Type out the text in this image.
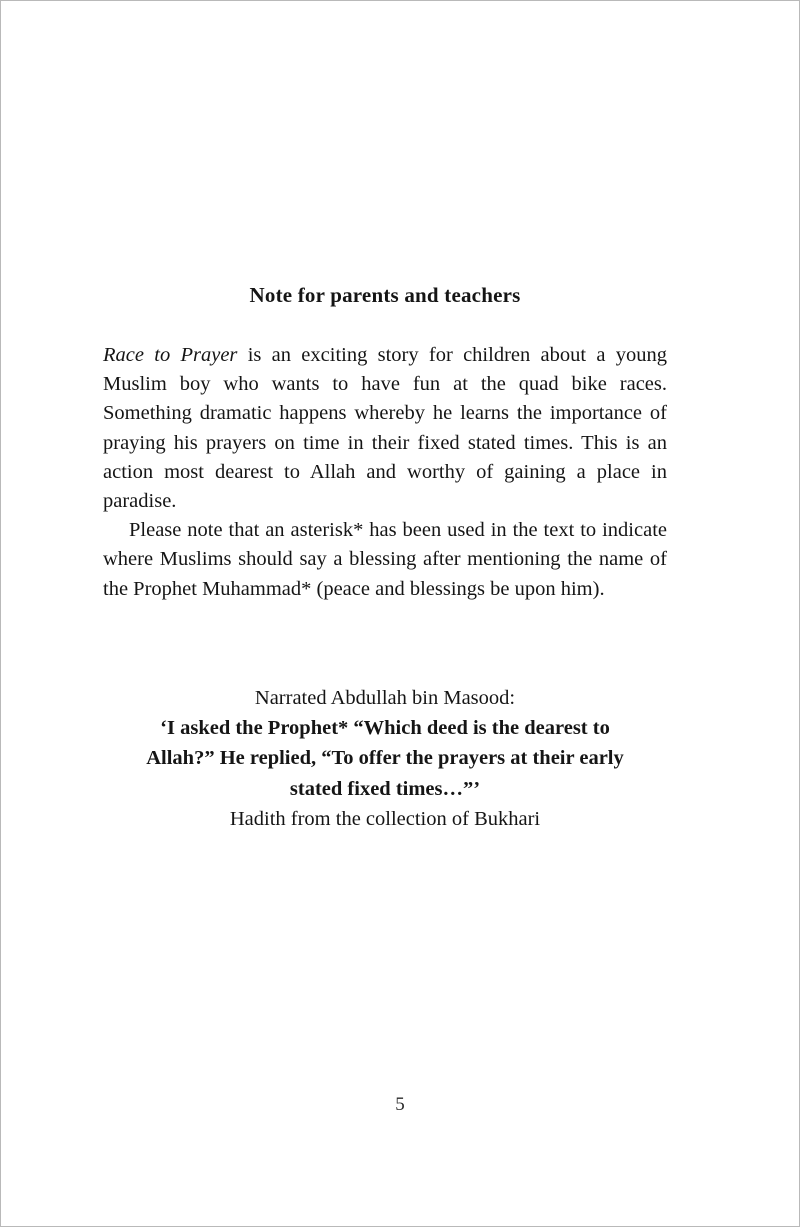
Note for parents and teachers

Race to Prayer is an exciting story for children about a young Muslim boy who wants to have fun at the quad bike races. Something dramatic happens whereby he learns the importance of praying his prayers on time in their fixed stated times. This is an action most dearest to Allah and worthy of gaining a place in paradise.

Please note that an asterisk* has been used in the text to indicate where Muslims should say a blessing after mentioning the name of the Prophet Muhammad* (peace and blessings be upon him).

Narrated Abdullah bin Masood:

‘I asked the Prophet* “Which deed is the dearest to Allah?” He replied, “To offer the prayers at their early stated fixed times…”’

Hadith from the collection of Bukhari

5
